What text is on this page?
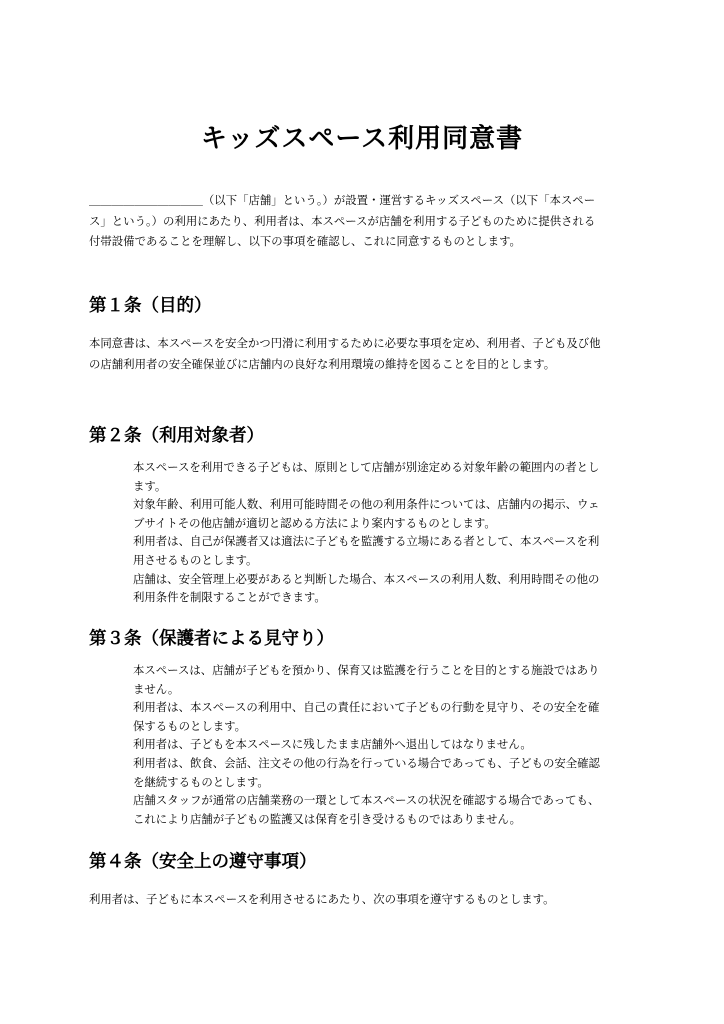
キッズスペース利用同意書

＿＿＿＿＿＿＿＿＿＿（以下「店舗」という。）が設置・運営するキッズスペース（以下「本スペー
ス」という。）の利用にあたり、利用者は、本スペースが店舗を利用する子どものために提供される
付帯設備であることを理解し、以下の事項を確認し、これに同意するものとします。

第１条（目的）

本同意書は、本スペースを安全かつ円滑に利用するために必要な事項を定め、利用者、子ども及び他
の店舗利用者の安全確保並びに店舗内の良好な利用環境の維持を図ることを目的とします。

第２条（利用対象者）
本スペースを利用できる子どもは、原則として店舗が別途定める対象年齢の範囲内の者とし
ます。
対象年齢、利用可能人数、利用可能時間その他の利用条件については、店舗内の掲示、ウェ
ブサイトその他店舗が適切と認める方法により案内するものとします。
利用者は、自己が保護者又は適法に子どもを監護する立場にある者として、本スペースを利
用させるものとします。
店舗は、安全管理上必要があると判断した場合、本スペースの利用人数、利用時間その他の
利用条件を制限することができます。
第３条（保護者による見守り）
本スペースは、店舗が子どもを預かり、保育又は監護を行うことを目的とする施設ではあり
ません。
利用者は、本スペースの利用中、自己の責任において子どもの行動を見守り、その安全を確
保するものとします。
利用者は、子どもを本スペースに残したまま店舗外へ退出してはなりません。
利用者は、飲食、会話、注文その他の行為を行っている場合であっても、子どもの安全確認
を継続するものとします。
店舗スタッフが通常の店舗業務の一環として本スペースの状況を確認する場合であっても、
これにより店舗が子どもの監護又は保育を引き受けるものではありません。
第４条（安全上の遵守事項）

利用者は、子どもに本スペースを利用させるにあたり、次の事項を遵守するものとします。
